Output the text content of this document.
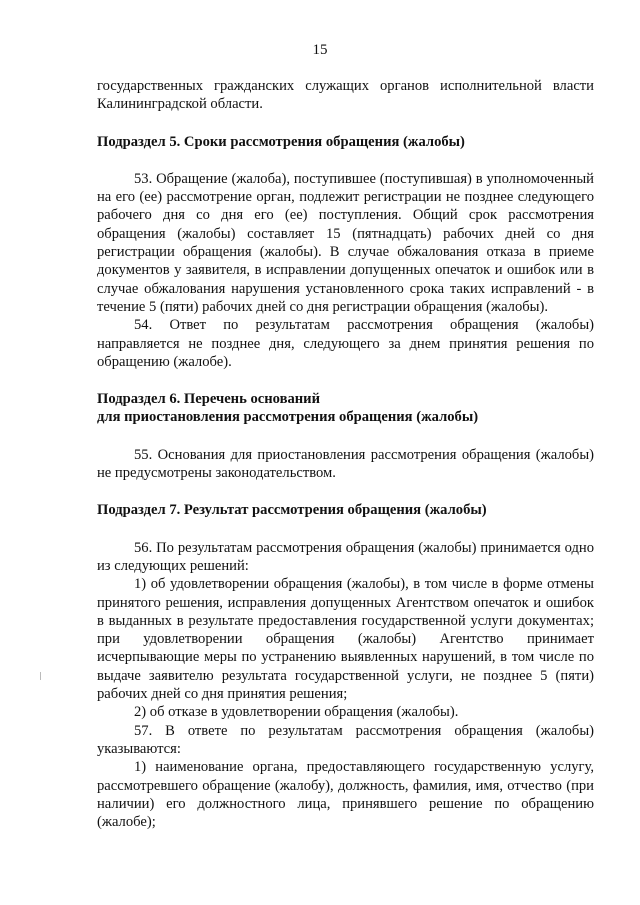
15

государственных гражданских служащих органов исполнительной власти Калининградской области.

Подраздел 5. Сроки рассмотрения обращения (жалобы)

53. Обращение (жалоба), поступившее (поступившая) в уполномоченный на его (ее) рассмотрение орган, подлежит регистрации не позднее следующего рабочего дня со дня его (ее) поступления. Общий срок рассмотрения обращения (жалобы) составляет 15 (пятнадцать) рабочих дней со дня регистрации обращения (жалобы). В случае обжалования отказа в приеме документов у заявителя, в исправлении допущенных опечаток и ошибок или в случае обжалования нарушения установленного срока таких исправлений - в течение 5 (пяти) рабочих дней со дня регистрации обращения (жалобы).

54. Ответ по результатам рассмотрения обращения (жалобы) направляется не позднее дня, следующего за днем принятия решения по обращению (жалобе).

Подраздел 6. Перечень оснований
для приостановления рассмотрения обращения (жалобы)

55. Основания для приостановления рассмотрения обращения (жалобы) не предусмотрены законодательством.

Подраздел 7. Результат рассмотрения обращения (жалобы)

56. По результатам рассмотрения обращения (жалобы) принимается одно из следующих решений:

1) об удовлетворении обращения (жалобы), в том числе в форме отмены принятого решения, исправления допущенных Агентством опечаток и ошибок в выданных в результате предоставления государственной услуги документах; при удовлетворении обращения (жалобы) Агентство принимает исчерпывающие меры по устранению выявленных нарушений, в том числе по выдаче заявителю результата государственной услуги, не позднее 5 (пяти) рабочих дней со дня принятия решения;

2) об отказе в удовлетворении обращения (жалобы).

57. В ответе по результатам рассмотрения обращения (жалобы) указываются:

1) наименование органа, предоставляющего государственную услугу, рассмотревшего обращение (жалобу), должность, фамилия, имя, отчество (при наличии) его должностного лица, принявшего решение по обращению (жалобе);
